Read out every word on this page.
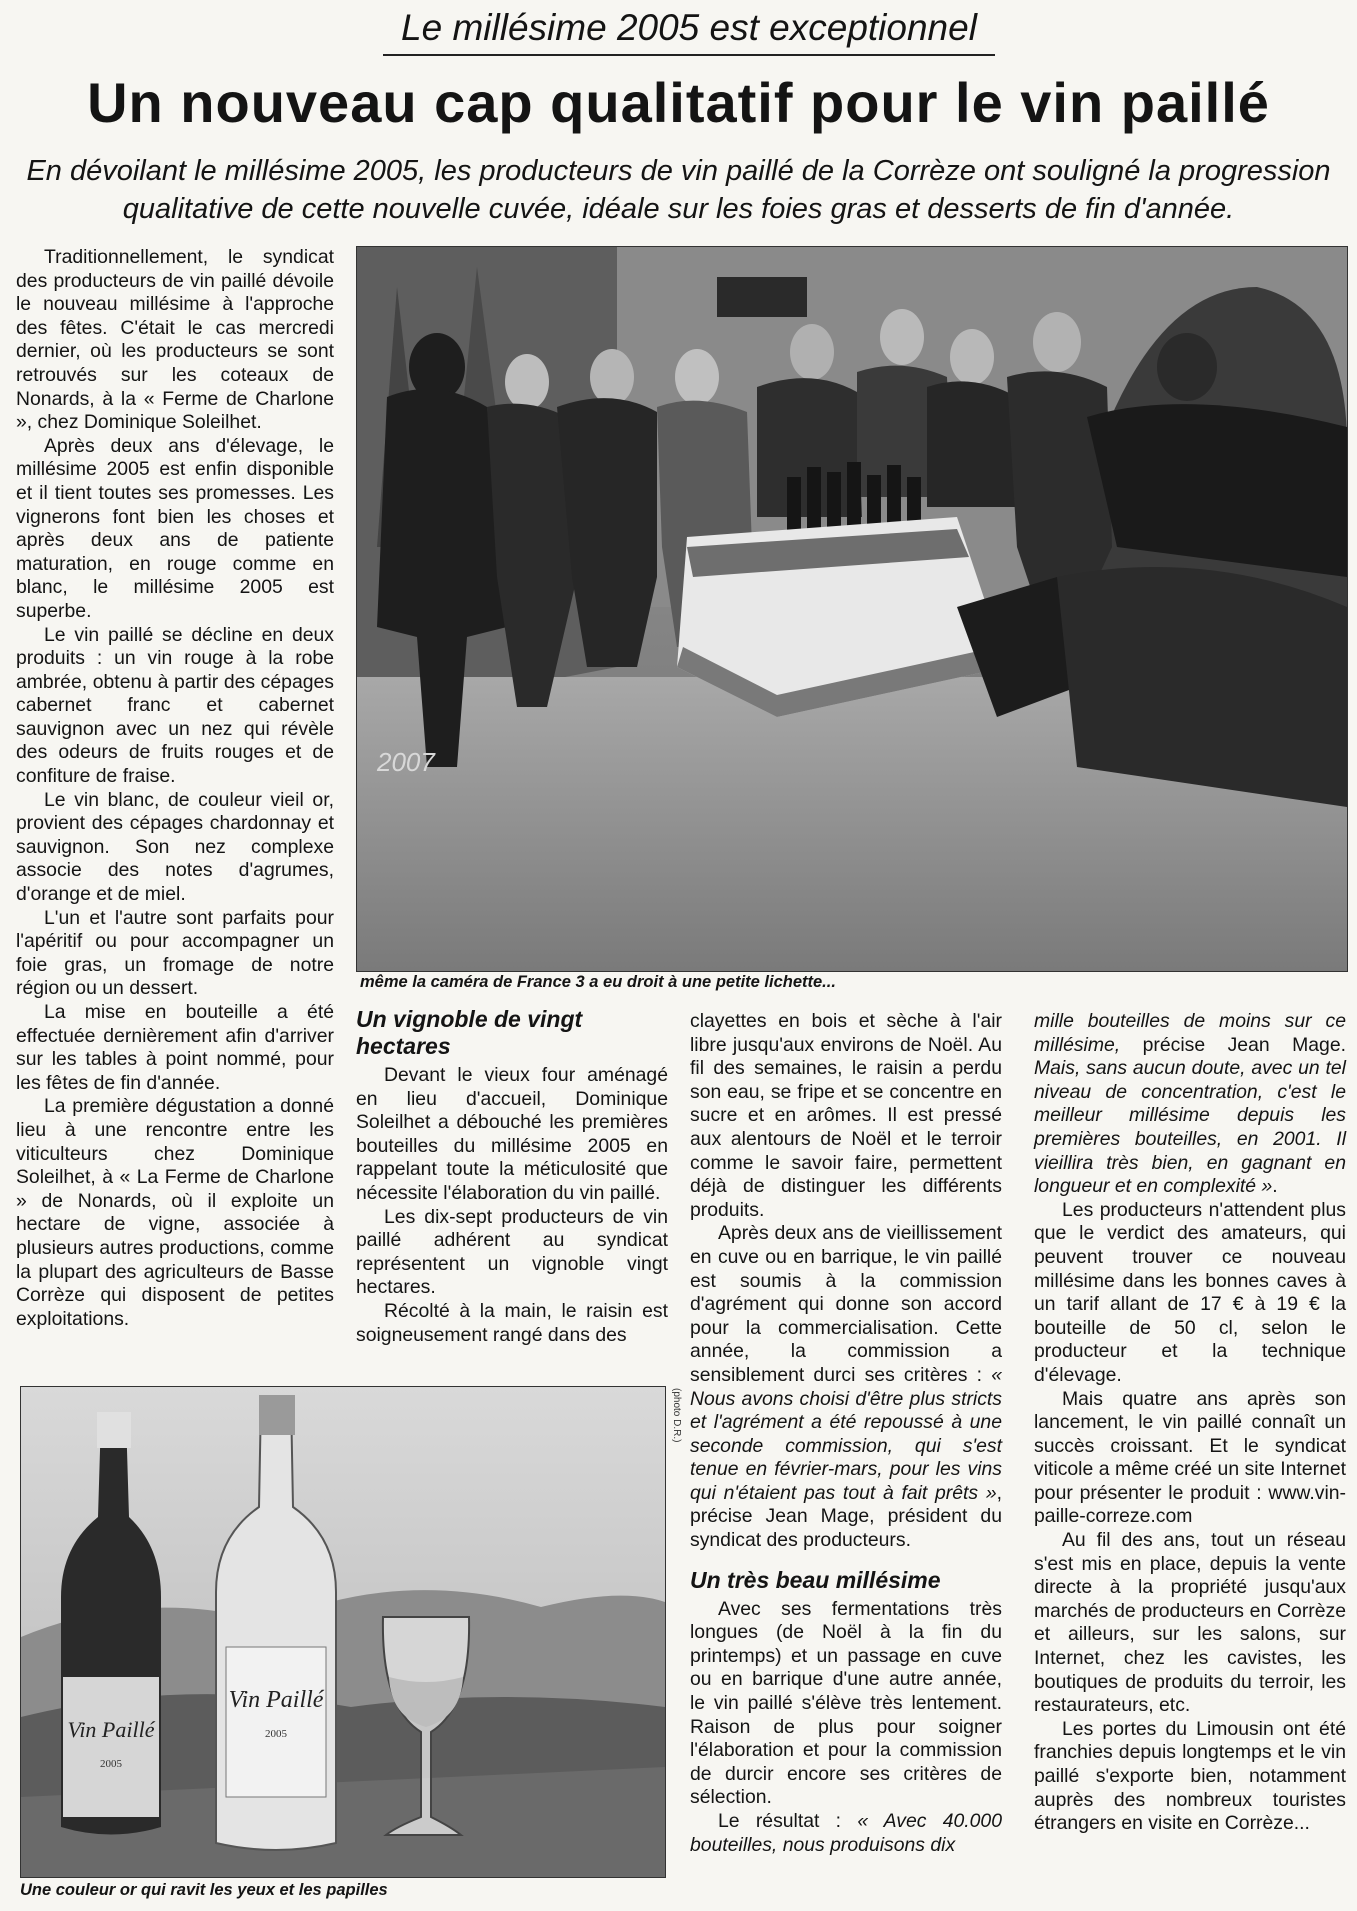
Le millésime 2005 est exceptionnel
Un nouveau cap qualitatif pour le vin paillé
En dévoilant le millésime 2005, les producteurs de vin paillé de la Corrèze ont souligné la progression qualitative de cette nouvelle cuvée, idéale sur les foies gras et desserts de fin d'année.

Traditionnellement, le syndicat des producteurs de vin paillé dévoile le nouveau millésime à l'approche des fêtes. C'était le cas mercredi dernier, où les producteurs se sont retrouvés sur les coteaux de Nonards, à la « Ferme de Charlone », chez Dominique Soleilhet.

Après deux ans d'élevage, le millésime 2005 est enfin disponible et il tient toutes ses promesses. Les vignerons font bien les choses et après deux ans de patiente maturation, en rouge comme en blanc, le millésime 2005 est superbe.

Le vin paillé se décline en deux produits : un vin rouge à la robe ambrée, obtenu à partir des cépages cabernet franc et cabernet sauvignon avec un nez qui révèle des odeurs de fruits rouges et de confiture de fraise.

Le vin blanc, de couleur vieil or, provient des cépages chardonnay et sauvignon. Son nez complexe associe des notes d'agrumes, d'orange et de miel.

L'un et l'autre sont parfaits pour l'apéritif ou pour accompagner un foie gras, un fromage de notre région ou un dessert.

La mise en bouteille a été effectuée dernièrement afin d'arriver sur les tables à point nommé, pour les fêtes de fin d'année.

La première dégustation a donné lieu à une rencontre entre les viticulteurs chez Dominique Soleilhet, à « La Ferme de Charlone » de Nonards, où il exploite un hectare de vigne, associée à plusieurs autres productions, comme la plupart des agriculteurs de Basse Corrèze qui disposent de petites exploitations.

2007
même la caméra de France 3 a eu droit à une petite lichette...
Un vignoble de vingt hectares

Devant le vieux four aménagé en lieu d'accueil, Dominique Soleilhet a débouché les premières bouteilles du millésime 2005 en rappelant toute la méticulosité que nécessite l'élaboration du vin paillé.

Les dix-sept producteurs de vin paillé adhérent au syndicat représentent un vignoble vingt hectares.

Récolté à la main, le raisin est soigneusement rangé dans des

clayettes en bois et sèche à l'air libre jusqu'aux environs de Noël. Au fil des semaines, le raisin a perdu son eau, se fripe et se concentre en sucre et en arômes. Il est pressé aux alentours de Noël et le terroir comme le savoir faire, permettent déjà de distinguer les différents produits.

Après deux ans de vieillissement en cuve ou en barrique, le vin paillé est soumis à la commission d'agrément qui donne son accord pour la commercialisation. Cette année, la commission a sensiblement durci ses critères : « Nous avons choisi d'être plus stricts et l'agrément a été repoussé à une seconde commission, qui s'est tenue en février-mars, pour les vins qui n'étaient pas tout à fait prêts », précise Jean Mage, président du syndicat des producteurs.

Un très beau millésime

Avec ses fermentations très longues (de Noël à la fin du printemps) et un passage en cuve ou en barrique d'une autre année, le vin paillé s'élève très lentement. Raison de plus pour soigner l'élaboration et pour la commission de durcir encore ses critères de sélection.

Le résultat : « Avec 40.000 bouteilles, nous produisons dix

mille bouteilles de moins sur ce millésime, précise Jean Mage. Mais, sans aucun doute, avec un tel niveau de concentration, c'est le meilleur millésime depuis les premières bouteilles, en 2001. Il vieillira très bien, en gagnant en longueur et en complexité ».

Les producteurs n'attendent plus que le verdict des amateurs, qui peuvent trouver ce nouveau millésime dans les bonnes caves à un tarif allant de 17 € à 19 € la bouteille de 50 cl, selon le producteur et la technique d'élevage.

Mais quatre ans après son lancement, le vin paillé connaît un succès croissant. Et le syndicat viticole a même créé un site Internet pour présenter le produit : www.vin-paille-correze.com

Au fil des ans, tout un réseau s'est mis en place, depuis la vente directe à la propriété jusqu'aux marchés de producteurs en Corrèze et ailleurs, sur les salons, sur Internet, chez les cavistes, les boutiques de produits du terroir, les restaurateurs, etc.

Les portes du Limousin ont été franchies depuis longtemps et le vin paillé s'exporte bien, notamment auprès des nombreux touristes étrangers en visite en Corrèze...

Vin Paillé
2005
Vin Paillé
2005
(photo D.R.)
Une couleur or qui ravit les yeux et les papilles
